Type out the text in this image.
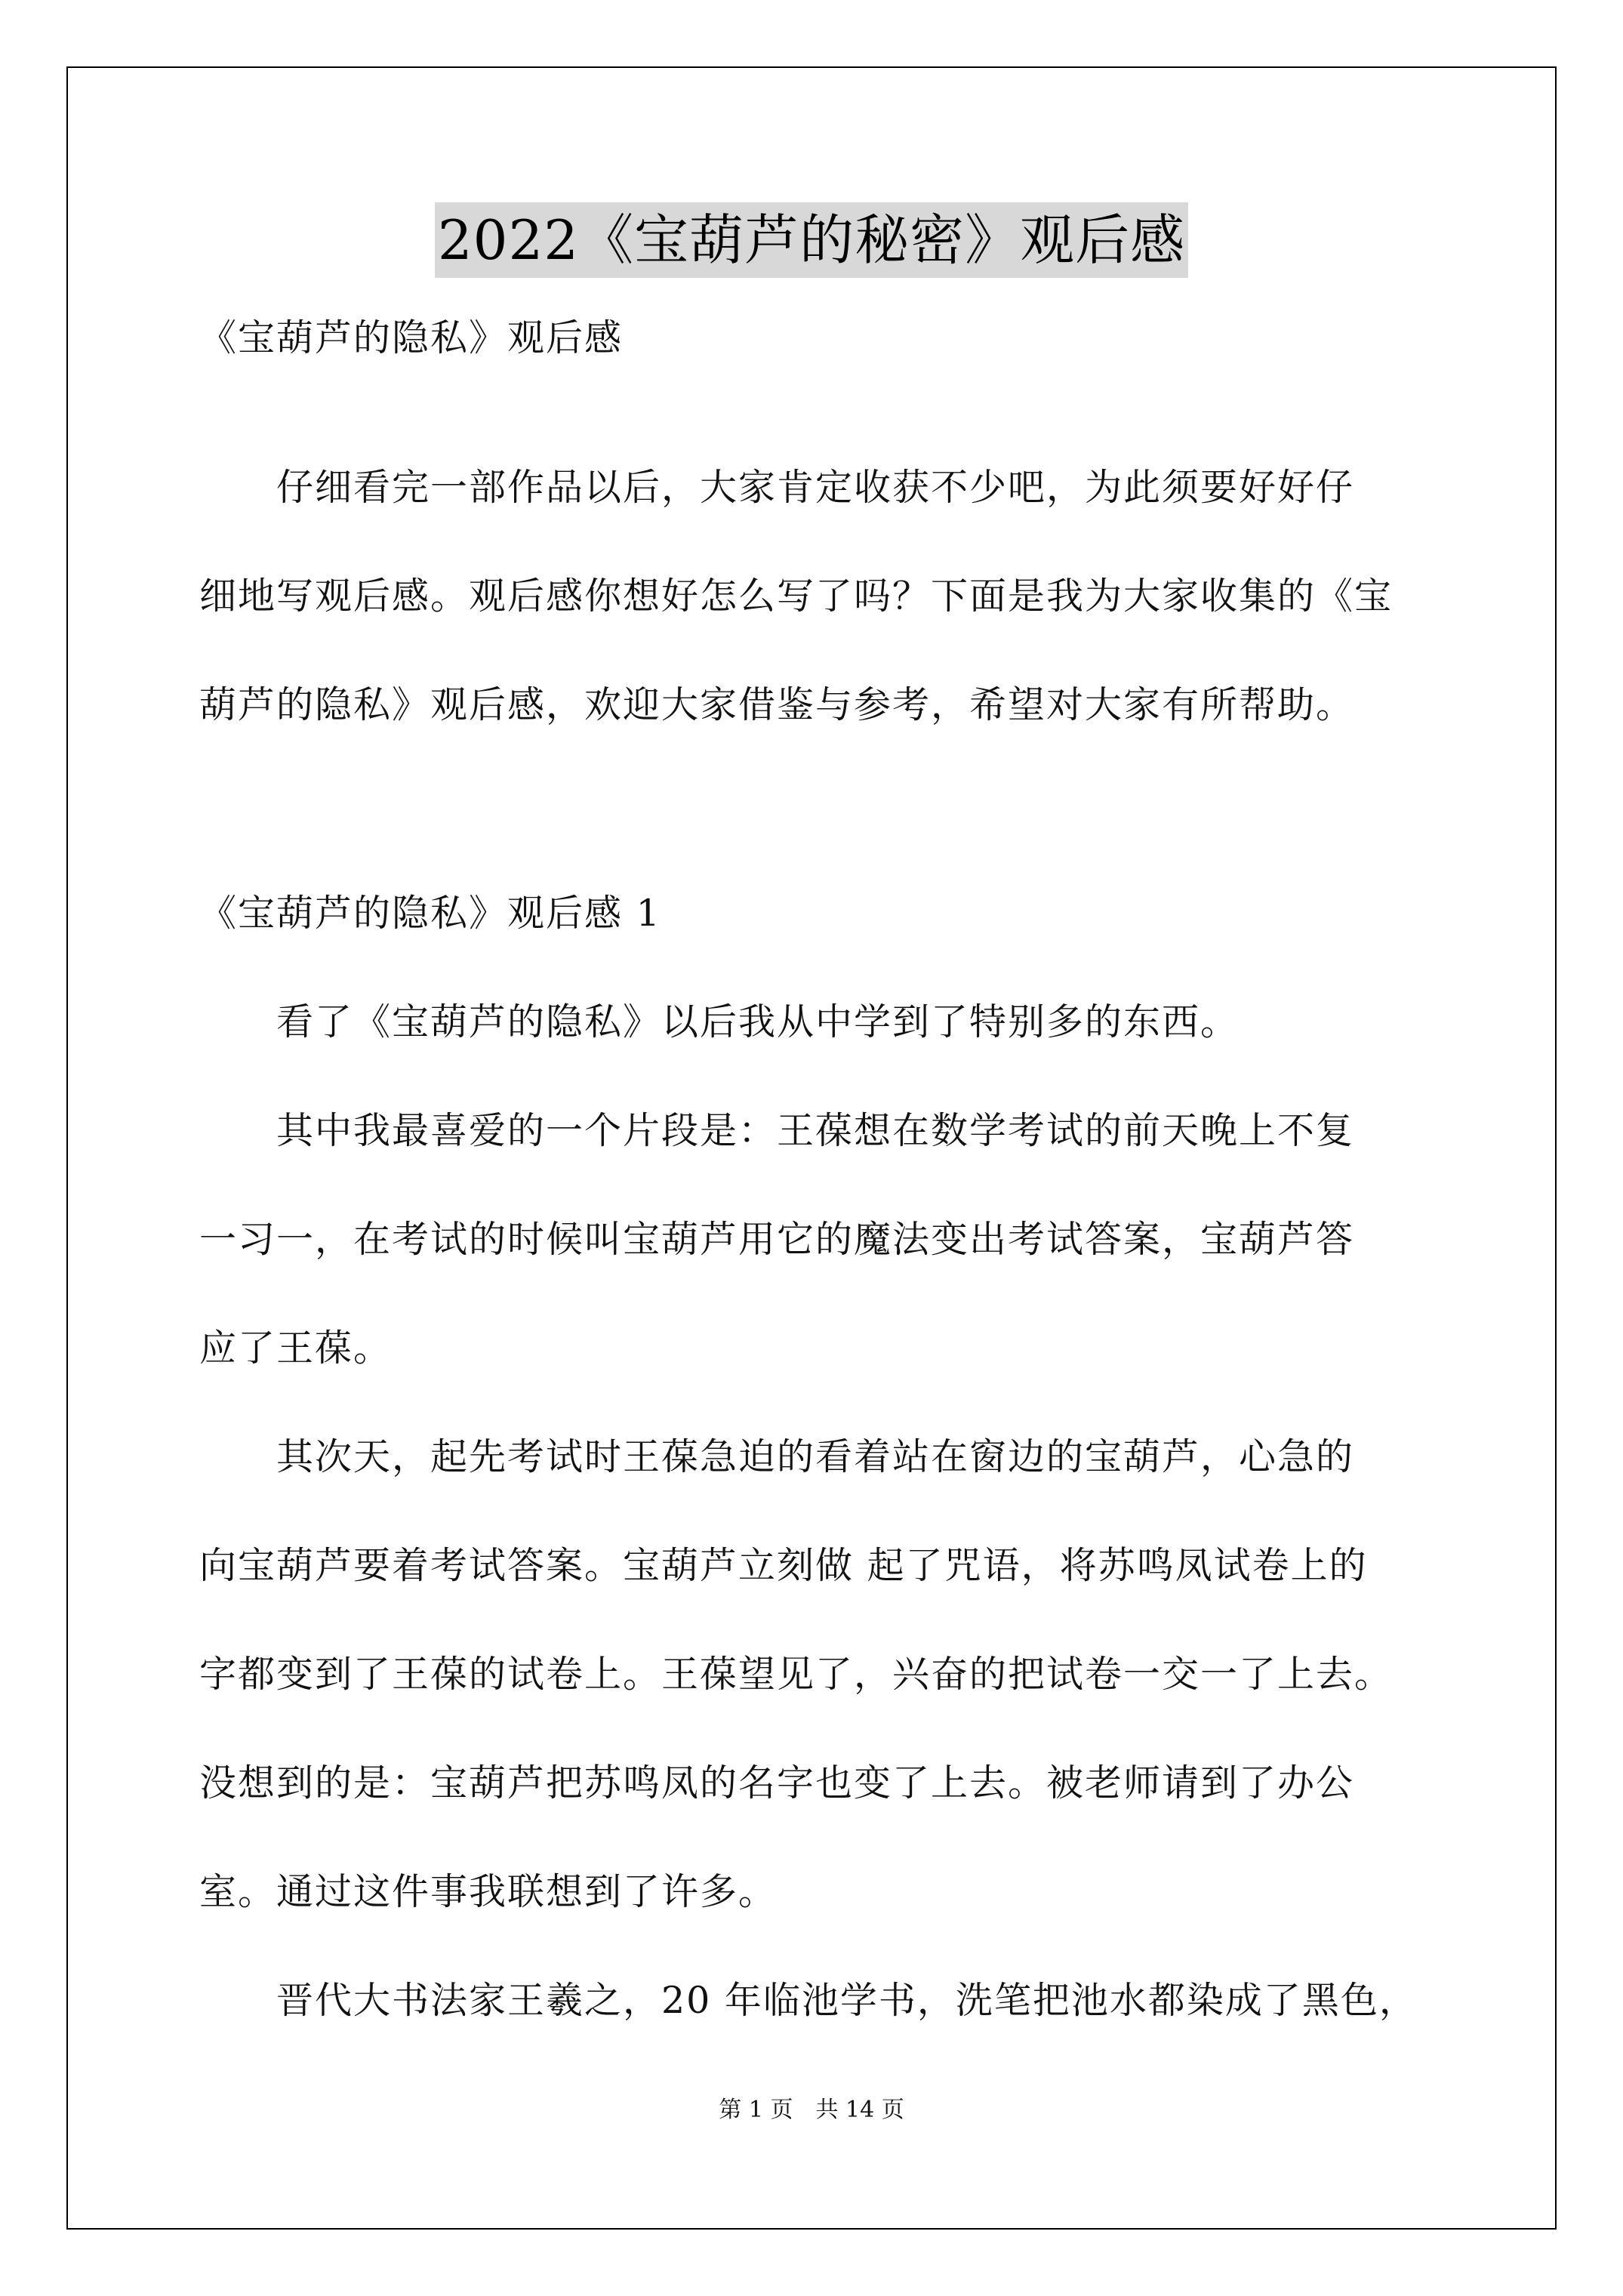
2022《宝葫芦的秘密》观后感
《宝葫芦的隐私》观后感
　　仔细看完一部作品以后，大家肯定收获不少吧，为此须要好好仔
细地写观后感。观后感你想好怎么写了吗？下面是我为大家收集的《宝
葫芦的隐私》观后感，欢迎大家借鉴与参考，希望对大家有所帮助。
《宝葫芦的隐私》观后感 1
　　看了《宝葫芦的隐私》以后我从中学到了特别多的东西。
　　其中我最喜爱的一个片段是：王葆想在数学考试的前天晚上不复
一习一，在考试的时候叫宝葫芦用它的魔法变出考试答案，宝葫芦答
应了王葆。
　　其次天，起先考试时王葆急迫的看着站在窗边的宝葫芦，心急的
向宝葫芦要着考试答案。宝葫芦立刻做 起了咒语，将苏鸣凤试卷上的
字都变到了王葆的试卷上。王葆望见了，兴奋的把试卷一交一了上去。
没想到的是：宝葫芦把苏鸣凤的名字也变了上去。被老师请到了办公
室。通过这件事我联想到了许多。
　　晋代大书法家王羲之，20 年临池学书，洗笔把池水都染成了黑色，
第 1 页　共 14 页
